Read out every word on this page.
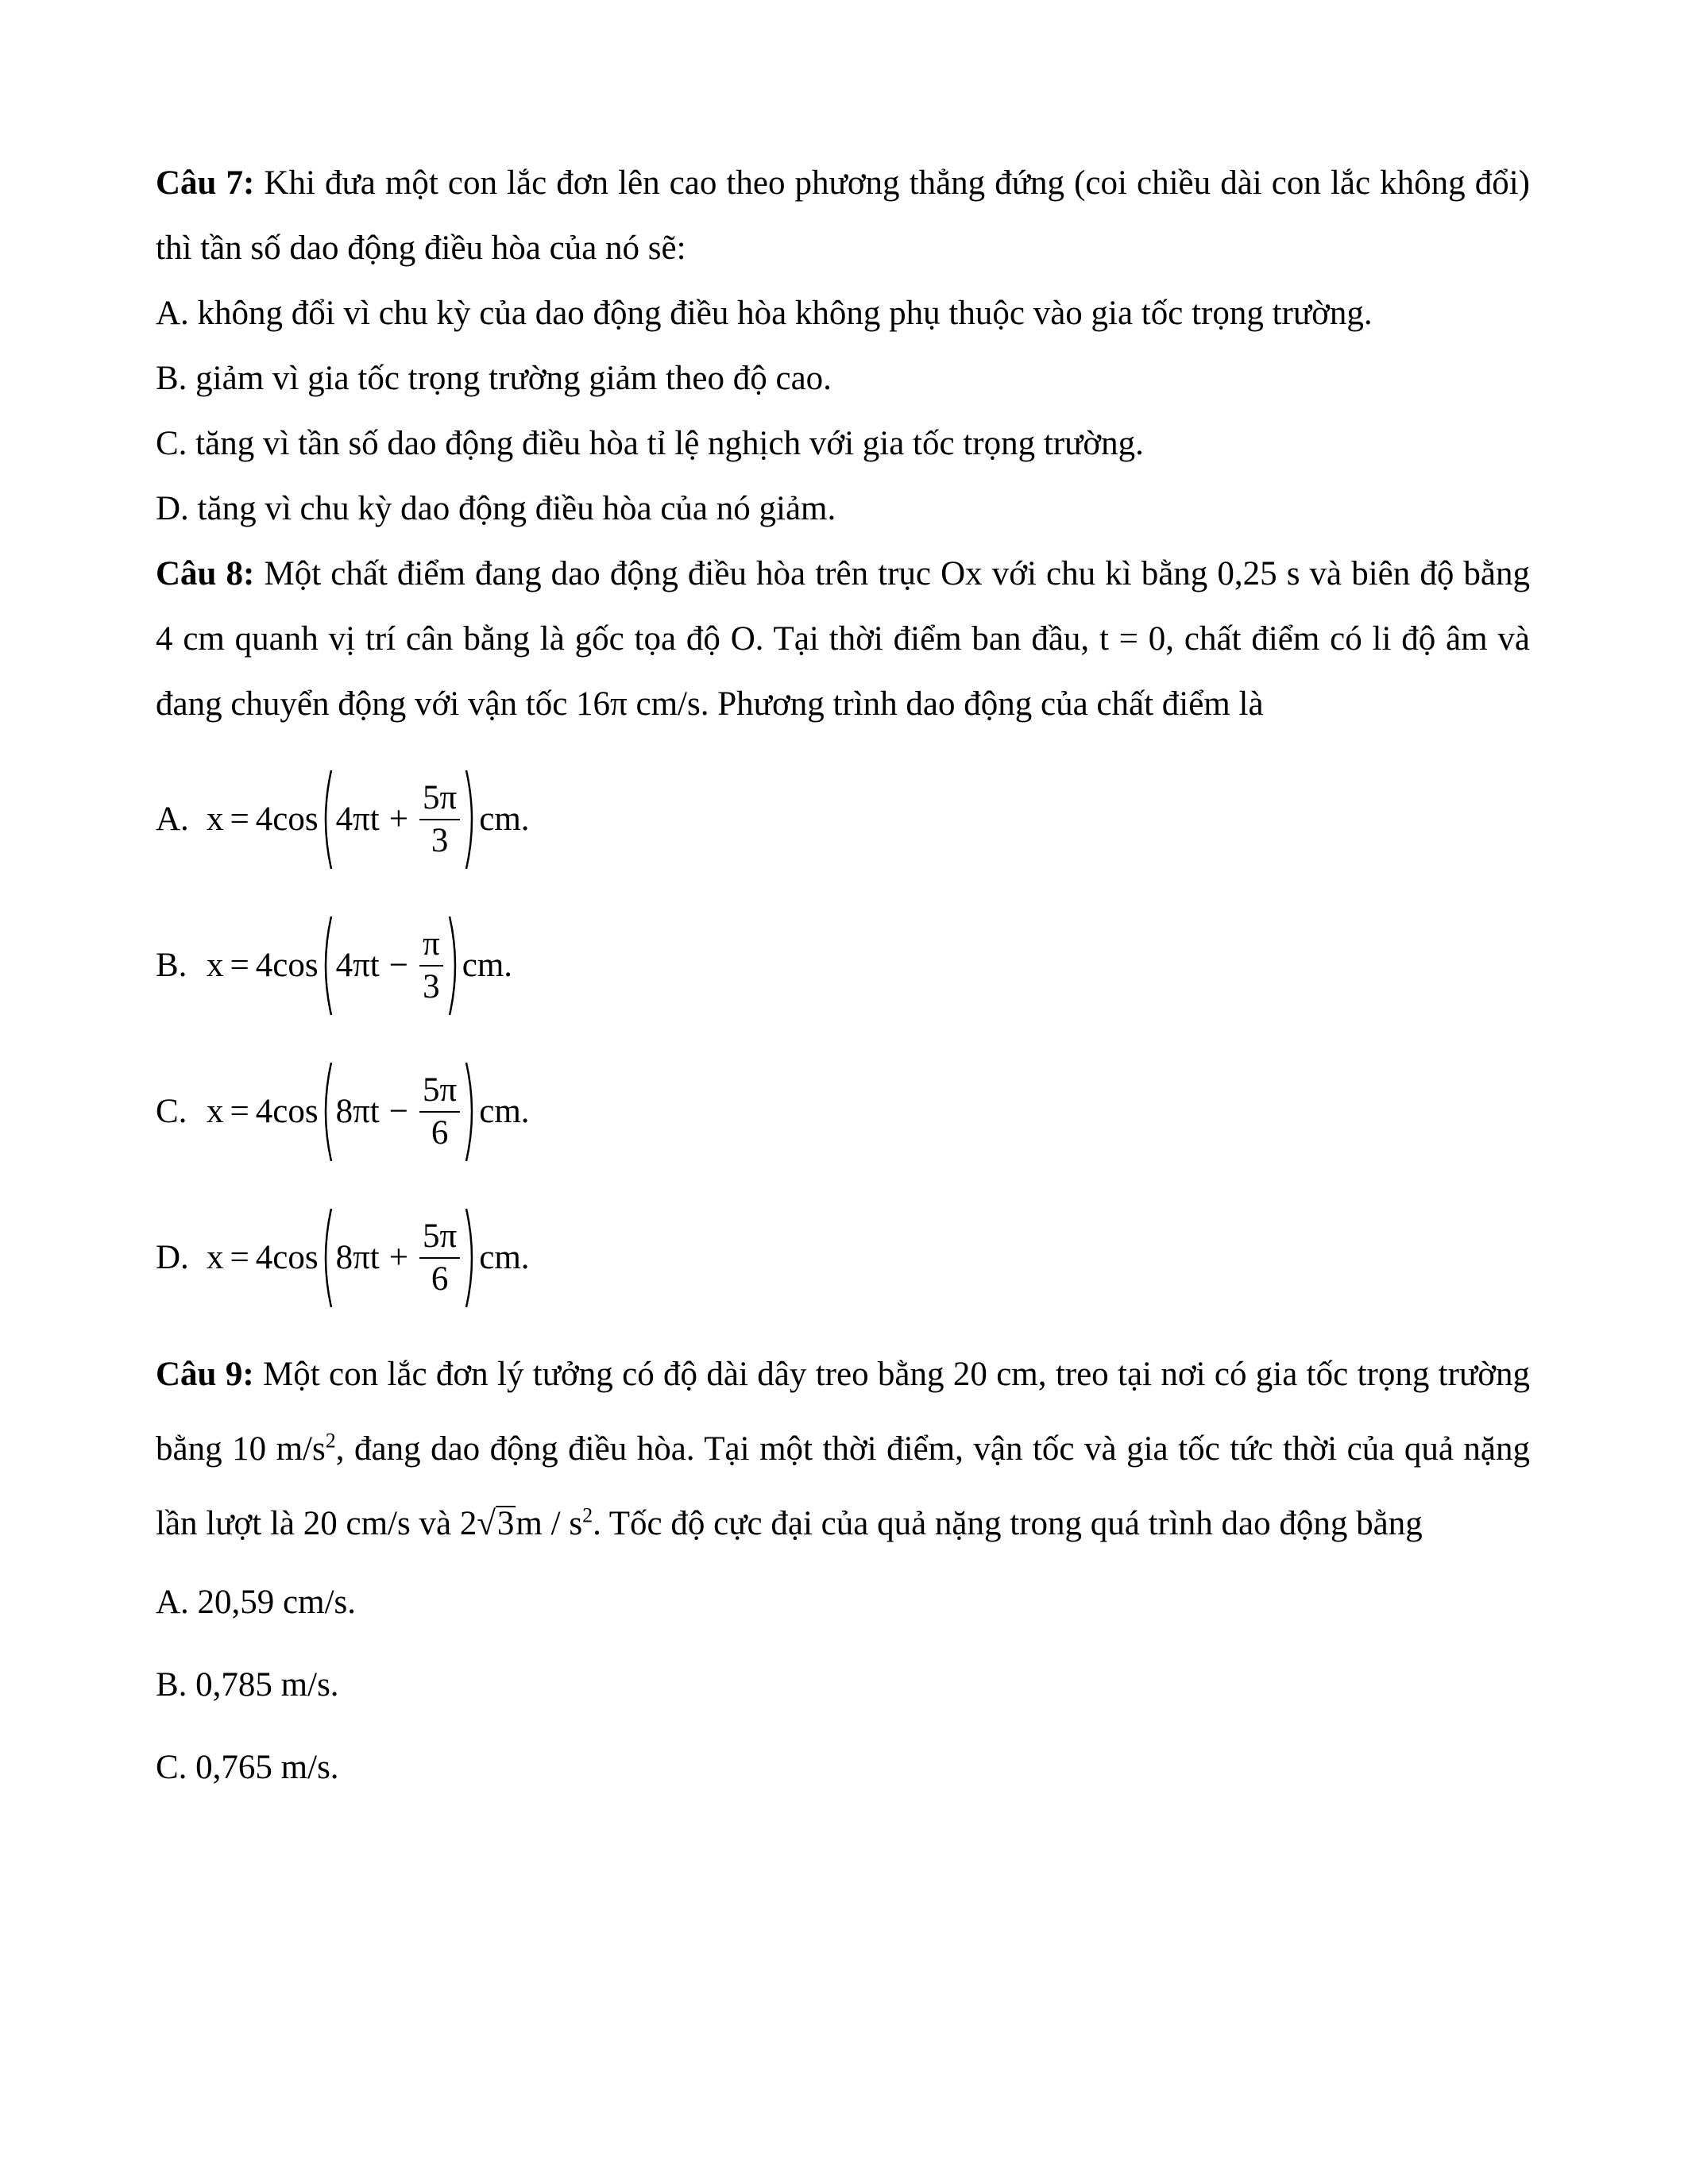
Câu 7: Khi đưa một con lắc đơn lên cao theo phương thẳng đứng (coi chiều dài con lắc không đổi) thì tần số dao động điều hòa của nó sẽ:

A. không đổi vì chu kỳ của dao động điều hòa không phụ thuộc vào gia tốc trọng trường.

B. giảm vì gia tốc trọng trường giảm theo độ cao.

C. tăng vì tần số dao động điều hòa tỉ lệ nghịch với gia tốc trọng trường.

D. tăng vì chu kỳ dao động điều hòa của nó giảm.

Câu 8: Một chất điểm đang dao động điều hòa trên trục Ox với chu kì bằng 0,25 s và biên độ bằng 4 cm quanh vị trí cân bằng là gốc tọa độ O. Tại thời điểm ban đầu, t = 0, chất điểm có li độ âm và đang chuyển động với vận tốc 16π cm/s. Phương trình dao động của chất điểm là

A. x = 4cos $4\pi t + \frac{5\pi}{3}$ cm.
B. x = 4cos $4\pi t - \frac{\pi}{3}$ cm.
C. x = 4cos $8\pi t - \frac{5\pi}{6}$ cm.
D. x = 4cos $8\pi t + \frac{5\pi}{6}$ cm.

Câu 9: Một con lắc đơn lý tưởng có độ dài dây treo bằng 20 cm, treo tại nơi có gia tốc trọng trường bằng 10 $m/s^2$, đang dao động điều hòa. Tại một thời điểm, vận tốc và gia tốc tức thời của quả nặng lần lượt là 20 cm/s và $2√3m / s^2$. Tốc độ cực đại của quả nặng trong quá trình dao động bằng

A. 20,59 cm/s.

B. 0,785 m/s.

C. 0,765 m/s.
